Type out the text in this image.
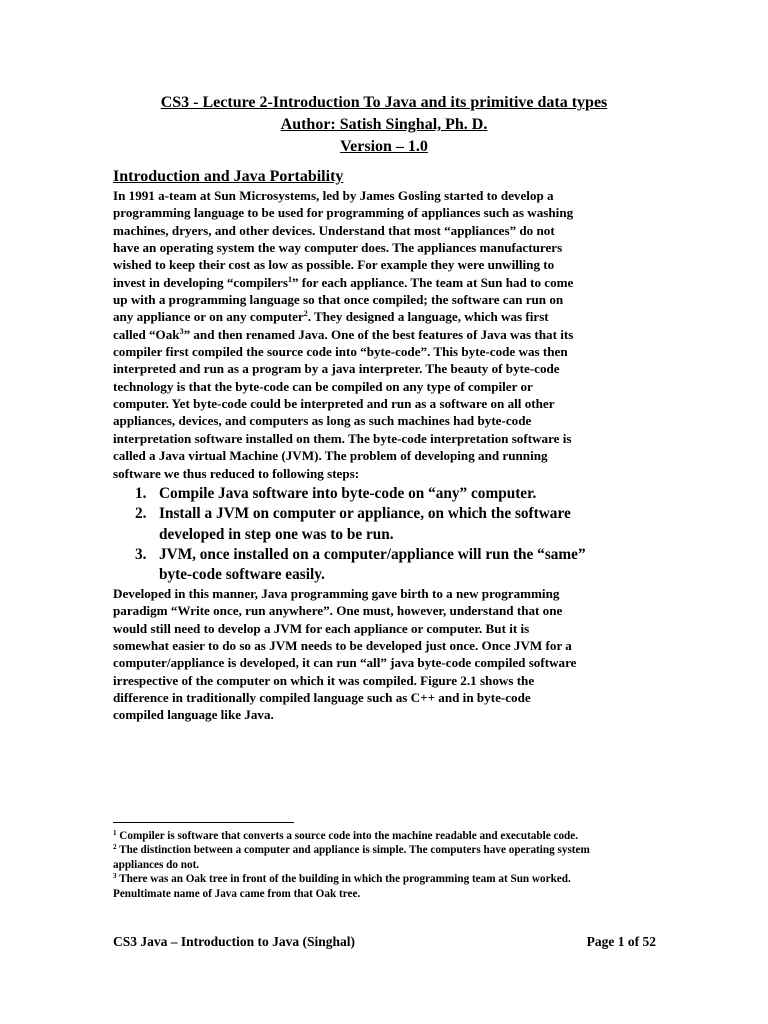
CS3 - Lecture 2-Introduction To Java and its primitive data types
Author: Satish Singhal, Ph. D.
Version – 1.0
Introduction and Java Portability
In 1991 a-team at Sun Microsystems, led by James Gosling started to develop a
programming language to be used for programming of appliances such as washing
machines, dryers, and other devices. Understand that most “appliances” do not
have an operating system the way computer does. The appliances manufacturers
wished to keep their cost as low as possible. For example they were unwilling to
invest in developing “compilers$^1$” for each appliance. The team at Sun had to come
up with a programming language so that once compiled; the software can run on
any appliance or on any computer$^2$. They designed a language, which was first
called “Oak$^3$” and then renamed Java. One of the best features of Java was that its
compiler first compiled the source code into “byte-code”. This byte-code was then
interpreted and run as a program by a java interpreter. The beauty of byte-code
technology is that the byte-code can be compiled on any type of compiler or
computer. Yet byte-code could be interpreted and run as a software on all other
appliances, devices, and computers as long as such machines had byte-code
interpretation software installed on them. The byte-code interpretation software is
called a Java virtual Machine (JVM). The problem of developing and running
software we thus reduced to following steps:
1. Compile Java software into byte-code on “any” computer.
2. Install a JVM on computer or appliance, on which the software
developed in step one was to be run.
3. JVM, once installed on a computer/appliance will run the “same”
byte-code software easily.
Developed in this manner, Java programming gave birth to a new programming
paradigm “Write once, run anywhere”. One must, however, understand that one
would still need to develop a JVM for each appliance or computer. But it is
somewhat easier to do so as JVM needs to be developed just once. Once JVM for a
computer/appliance is developed, it can run “all” java byte-code compiled software
irrespective of the computer on which it was compiled. Figure 2.1 shows the
difference in traditionally compiled language such as C++ and in byte-code
compiled language like Java.
$^1$ Compiler is software that converts a source code into the machine readable and executable code.
$^2$ The distinction between a computer and appliance is simple. The computers have operating system
appliances do not.
$^3$ There was an Oak tree in front of the building in which the programming team at Sun worked.
Penultimate name of Java came from that Oak tree.
CS3 Java – Introduction to Java (Singhal)	Page 1 of 52
